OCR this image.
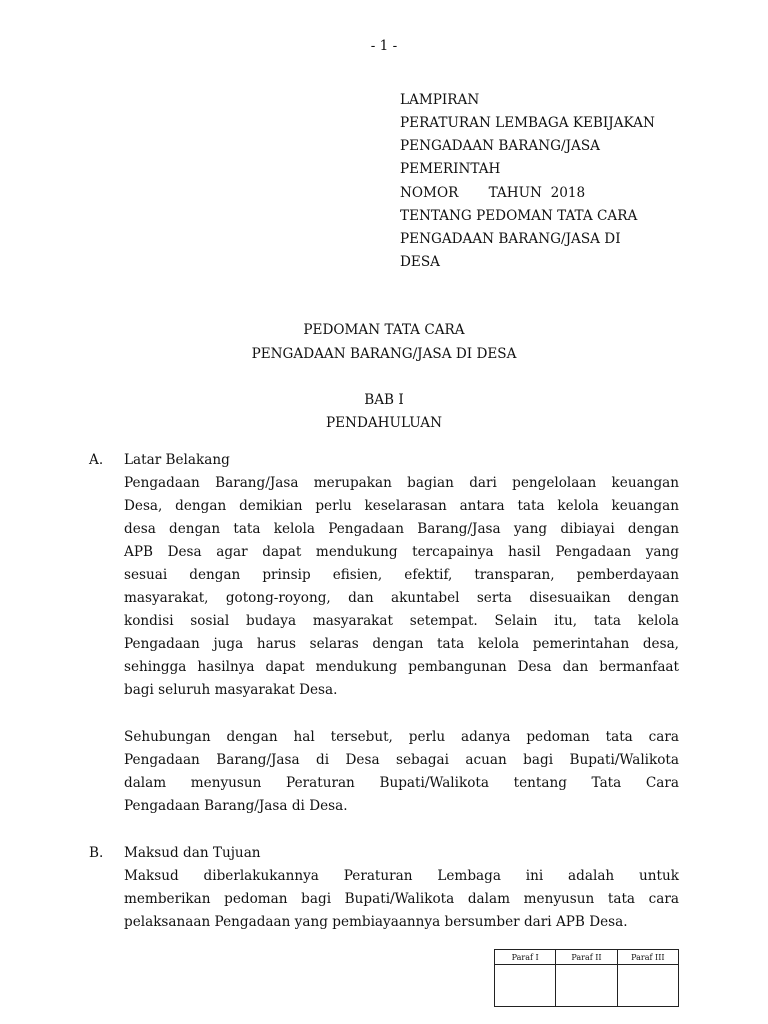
- 1 -
LAMPIRAN
PERATURAN LEMBAGA KEBIJAKAN
PENGADAAN BARANG/JASA
PEMERINTAH
NOMOR       TAHUN  2018
TENTANG PEDOMAN TATA CARA
PENGADAAN BARANG/JASA DI
DESA
PEDOMAN TATA CARA
PENGADAAN BARANG/JASA DI DESA
BAB I
PENDAHULUAN
A. Latar Belakang
Pengadaan Barang/Jasa merupakan bagian dari pengelolaan keuangan
Desa, dengan demikian perlu keselarasan antara tata kelola keuangan
desa dengan tata kelola Pengadaan Barang/Jasa yang dibiayai dengan
APB Desa agar dapat mendukung tercapainya hasil Pengadaan yang
sesuai dengan prinsip efisien, efektif, transparan, pemberdayaan
masyarakat, gotong-royong, dan akuntabel serta disesuaikan dengan
kondisi sosial budaya masyarakat setempat. Selain itu, tata kelola
Pengadaan juga harus selaras dengan tata kelola pemerintahan desa,
sehingga hasilnya dapat mendukung pembangunan Desa dan bermanfaat
bagi seluruh masyarakat Desa.
Sehubungan dengan hal tersebut, perlu adanya pedoman tata cara
Pengadaan Barang/Jasa di Desa sebagai acuan bagi Bupati/Walikota
dalam menyusun Peraturan Bupati/Walikota tentang Tata Cara
Pengadaan Barang/Jasa di Desa.
B. Maksud dan Tujuan
Maksud diberlakukannya Peraturan Lembaga ini adalah untuk
memberikan pedoman bagi Bupati/Walikota dalam menyusun tata cara
pelaksanaan Pengadaan yang pembiayaannya bersumber dari APB Desa.
Paraf I	Paraf II	Paraf III
